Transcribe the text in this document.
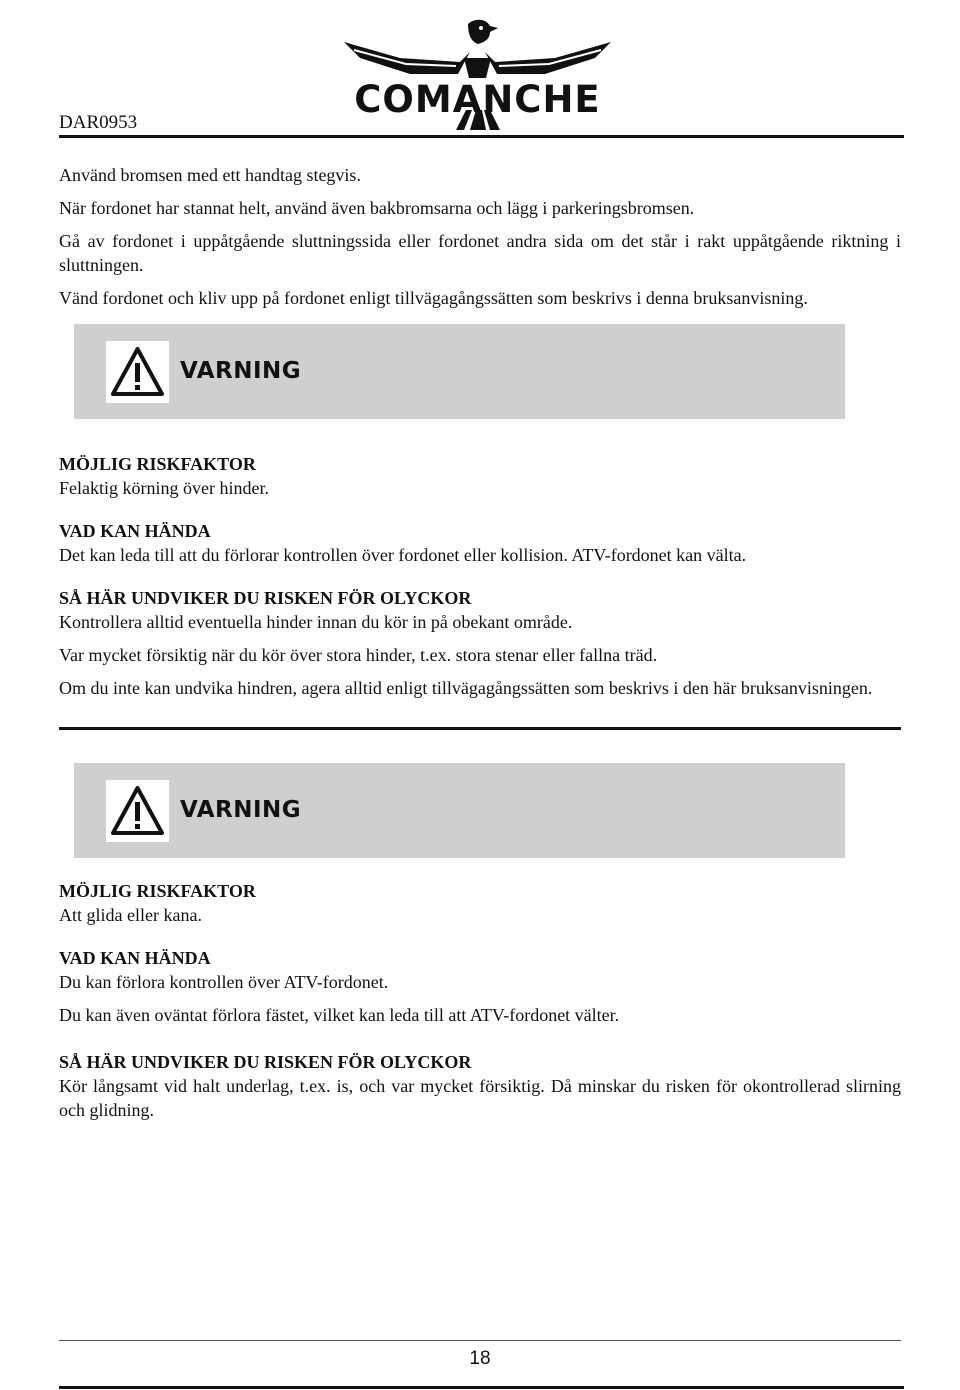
DAR0953
COMANCHE

Använd bromsen med ett handtag stegvis.

När fordonet har stannat helt, använd även bakbromsarna och lägg i parkeringsbromsen.

Gå av fordonet i uppåtgående sluttningssida eller fordonet andra sida om det står i rakt uppåtgående riktning i sluttningen.

Vänd fordonet och kliv upp på fordonet enligt tillvägagångssätten som beskrivs i denna bruksanvisning.

VARNING
MÖJLIG RISKFAKTOR
Felaktig körning över hinder.
VAD KAN HÄNDA
Det kan leda till att du förlorar kontrollen över fordonet eller kollision. ATV-fordonet kan välta.
SÅ HÄR UNDVIKER DU RISKEN FÖR OLYCKOR

Kontrollera alltid eventuella hinder innan du kör in på obekant område.

Var mycket försiktig när du kör över stora hinder, t.ex. stora stenar eller fallna träd.

Om du inte kan undvika hindren, agera alltid enligt tillvägagångssätten som beskrivs i den här bruksanvisningen.

VARNING
MÖJLIG RISKFAKTOR
Att glida eller kana.
VAD KAN HÄNDA

Du kan förlora kontrollen över ATV-fordonet.

Du kan även oväntat förlora fästet, vilket kan leda till att ATV-fordonet välter.

SÅ HÄR UNDVIKER DU RISKEN FÖR OLYCKOR

Kör långsamt vid halt underlag, t.ex. is, och var mycket försiktig. Då minskar du risken för okontrollerad slirning och glidning.

18
